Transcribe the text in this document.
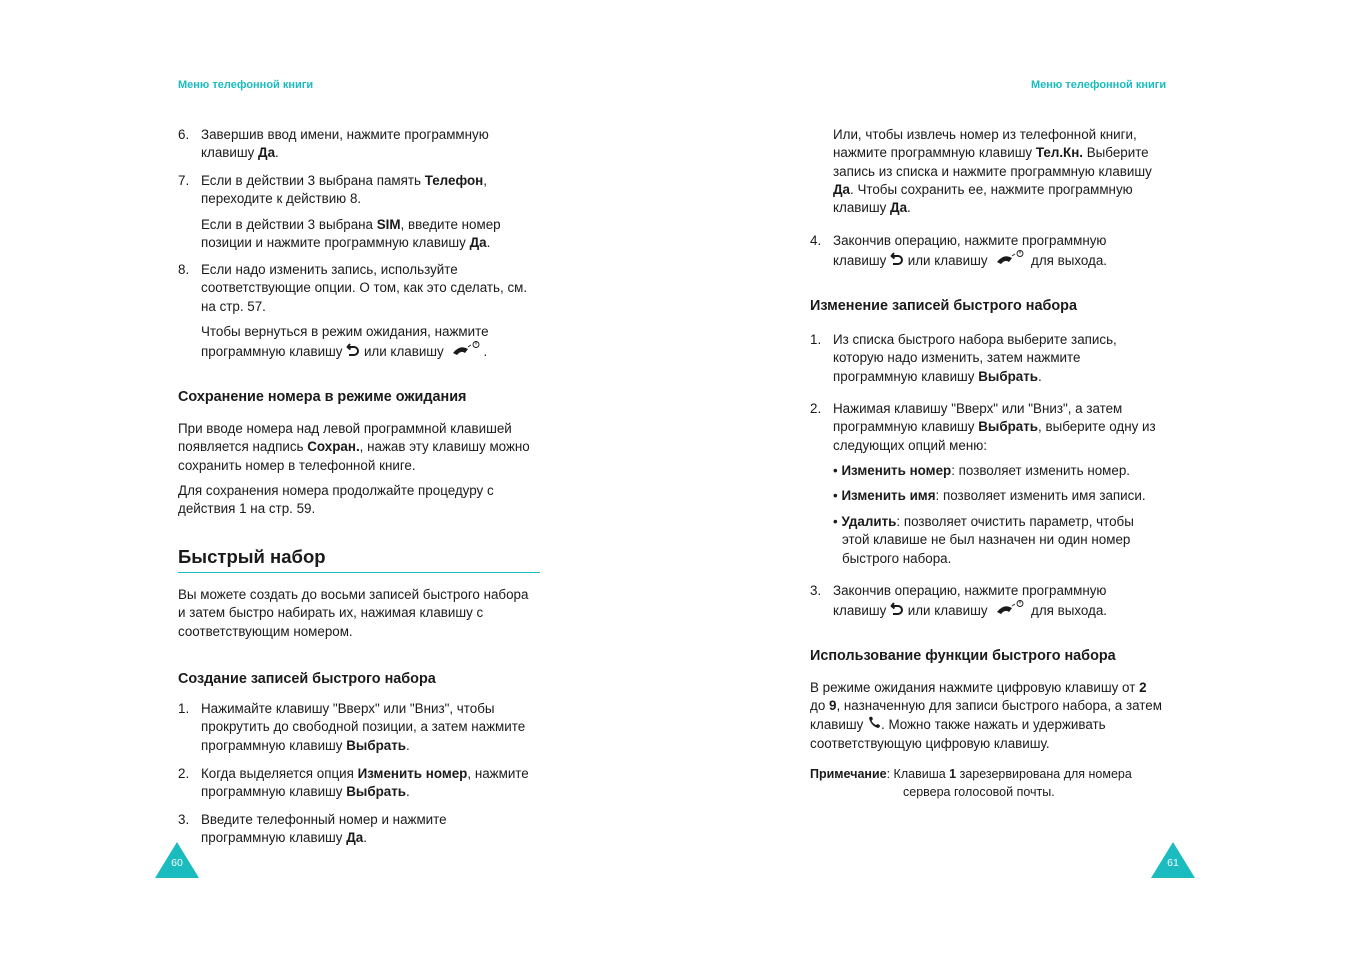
Меню телефонной книги
6. Завершив ввод имени, нажмите программную
клавишу Да.
7. Если в действии 3 выбрана память Телефон,
переходите к действию 8.
Если в действии 3 выбрана SIM, введите номер
позиции и нажмите программную клавишу Да.
8. Если надо изменить запись, используйте
соответствующие опции. О том, как это сделать, см.
на стр. 57.
Чтобы вернуться в режим ожидания, нажмите
программную клавишу  или клавишу	.
Сохранение номера в режиме ожидания
При вводе номера над левой программной клавишей
появляется надпись Сохран., нажав эту клавишу можно
сохранить номер в телефонной книге.
Для сохранения номера продолжайте процедуру с
действия 1 на стр. 59.
Быстрый набор
Вы можете создать до восьми записей быстрого набора
и затем быстро набирать их, нажимая клавишу с
соответствующим номером.
Создание записей быстрого набора
1. Нажимайте клавишу "Вверх" или "Вниз", чтобы
прокрутить до свободной позиции, а затем нажмите
программную клавишу Выбрать.
2. Когда выделяется опция Изменить номер, нажмите
программную клавишу Выбрать.
3. Введите телефонный номер и нажмите
программную клавишу Да.
60
Меню телефонной книги
Или, чтобы извлечь номер из телефонной книги,
нажмите программную клавишу Тел.Кн. Выберите
запись из списка и нажмите программную клавишу
Да. Чтобы сохранить ее, нажмите программную
клавишу Да.
4. Закончив операцию, нажмите программную
клавишу  или клавишу	для выхода.
Изменение записей быстрого набора
1. Из списка быстрого набора выберите запись,
которую надо изменить, затем нажмите
программную клавишу Выбрать.
2. Нажимая клавишу "Вверх" или "Вниз", а затем
программную клавишу Выбрать, выберите одну из
следующих опций меню:
• Изменить номер: позволяет изменить номер.
• Изменить имя: позволяет изменить имя записи.
• Удалить: позволяет очистить параметр, чтобы
этой клавише не был назначен ни один номер
быстрого набора.
3. Закончив операцию, нажмите программную
клавишу  или клавишу	для выхода.
Использование функции быстрого набора
В режиме ожидания нажмите цифровую клавишу от 2
до 9, назначенную для записи быстрого набора, а затем
клавишу . Можно также нажать и удерживать
соответствующую цифровую клавишу.
Примечание: Клавиша 1 зарезервирована для номера
сервера голосовой почты.
61
